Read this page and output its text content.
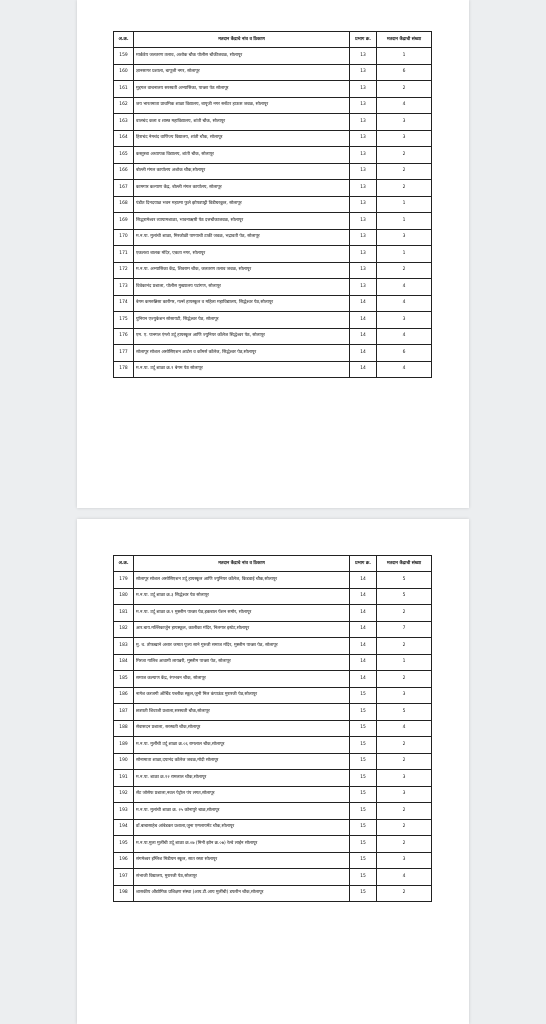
अ.क्र.	मतदान केंद्राचे नांव व ठिकाण	प्रभाग क्र.	मतदान केंद्राची संख्या
159	मार्कंडेय जलतरण तलाव, अशोक चौक पोलीस चौकीजवळ, सोलापूर	13	1
160	ज्ञानसागर प्रशाला, बापूजी नगर, सोलापूर	13	6
161	मुद्दगल वाचनालय सरस्वती अभ्यासिका, पाच्छा पेठ सोलापूर	13	2
162	जय भारतमाता प्राथमिक शाळा विद्यालय, बापूजी नगर स्लॉटर हाऊस जवळ, सोलापूर	13	4
163	वालचंद कला व शास्त्र महाविद्यालय, शांती चौक, सोलापूर	13	3
164	हिराचंद नेमचंद वाणिज्य विद्यालय, शांती चौक, सोलापूर	13	3
165	कस्तुरबा अध्यापक विद्यालय, शांती चौक, सोलापूर	13	2
166	बोल्ली मंगल कार्यालय अशोक चौक,सोलापूर	13	2
167	कामगार कल्याण केंद्र, बोल्ली मंगल कार्यालय, सोलापूर	13	2
168	पंडीत दिनदयाळ भवन महात्मा फुले झोपडपट्टी विडीघरकुल, सोलापूर	13	1
169	सिद्धरामेश्वर व्यायामशाळा, भावनाऋषी पेठ दत्तचौकाजवळ, सोलापूर	13	1
170	म.न.पा. मुलांची शाळा, मिरजोळी पाण्याची टाकी जवळ, भद्रावती पेठ, सोलापूर	13	3
171	एकलव्य बालक मंदिर, एकता नगर, सोलापूर	13	1
172	म.न.पा. अभ्यासिका केंद्र, शिवराम चौक, जलतरण तलाव जवळ, सोलापूर	13	2
173	विवेकानंद प्रशाला, पोलीस मुख्यालय पटांगण, सोलापूर	13	4
174	बेगम कमरुन्निसा कारीगर, गर्ल्स हायस्कूल व महिला महाविद्यालय, सिद्धेश्वर पेठ,सोलापूर	14	4
175	युनियन एज्युकेशन सोसायटी, सिद्धेश्वर पेठ, सोलापूर	14	3
176	एम. ए. पानगल एंग्लो उर्दू हायस्कूल आणि ज्युनियर कॉलेज सिद्धेश्वर पेठ, सोलापूर	14	4
177	सोलापूर सोशल असोसिएशन आर्टस व कॉमर्स कॉलेज, सिद्धेश्वर पेठ,सोलापूर	14	6
178	म.न.पा. उर्दू शाळा क्र.१ बेगम पेठ सोलापूर	14	4
अ.क्र.	मतदान केंद्राचे नांव व ठिकाण	प्रभाग क्र.	मतदान केंद्राची संख्या
179	सोलापूर सोशल असोसिएशन उर्दू हायस्कूल आणि ज्युनियर कॉलेज, किडवाई चौक,सोलापूर	14	5
180	म.न.पा. उर्दू शाळा क्र.३ सिद्धेश्वर पेठ सोलापूर	14	5
181	म.न.पा. उर्दू शाळा क्र.९ मुस्लीम पाच्छा पेठ,इकबाल पेंशन समोर, सोलापूर	14	2
182	आर.बाय.मल्लिकार्जुन हायस्कूल, कालीका मंदिर, निलगार इस्टेट,सोलापूर	14	7
183	मु. ध. तोफखाने अत्तार जमात पूज्य साने गुरुजी समाज मंदिर, मुस्लीम पाच्छा पेठ, सोलापूर	14	2
184	मिरजा गालिब आवामी लायब्ररी, मुस्लीम पाच्छा पेठ, सोलापूर	14	1
185	समाज कल्याण केंद्र, रंगभवन चौक, सोलापूर	14	2
186	नागेश करजगी ऑर्चिड पब्लीक स्कूल,जुनी मिल कंपाऊंड मुरारजी पेठ,सोलापूर	15	3
187	छत्रपती शिवाजी प्रशाला,सरस्वती चौक,सोलापूर	15	5
188	सेवासदन प्रशाला, सरस्वती चौक,सोलापूर	15	4
189	म.न.पा. मुलींची उर्दू शाळा क्र.०६ रामलाल चौक,सोलापूर	15	2
190	सोनामाता शाळा,दयानंद कॉलेज जवळ,मोदी सोलापूर	15	2
191	म.न.पा. शाळा क्र.१२ रामलाल चौक,सोलापूर	15	3
192	सेंट जोसेफ प्रशाला,नवल पेट्रोल पंप लगत,सोलापूर	15	3
193	म.न.पा. मुलांची शाळा क्र. २५ कोनापुरे चाळ,सोलापूर	15	2
194	डॉ.बाबासाहेब आंबेडकर प्रशाला,जुना एम्प्लायमेंट चौक,सोलापूर	15	2
195	म.न.पा.मुला मुलींची उर्दू शाळा क्र.०७ (मिनी झोन क्र.०७) रेल्वे लाईन सोलापूर	15	2
196	संगमेश्वर इंग्लिश मिडीयम स्कूल, सात रस्ता सोलापूर	15	3
197	संभाजी विद्यालय, मुरारजी पेठ,सोलापूर	15	4
198	शासकीय औद्योगिक प्रशिक्षण संस्था (आय.टी.आय मुलींची) डफरीन चौक,सोलापूर	15	2
